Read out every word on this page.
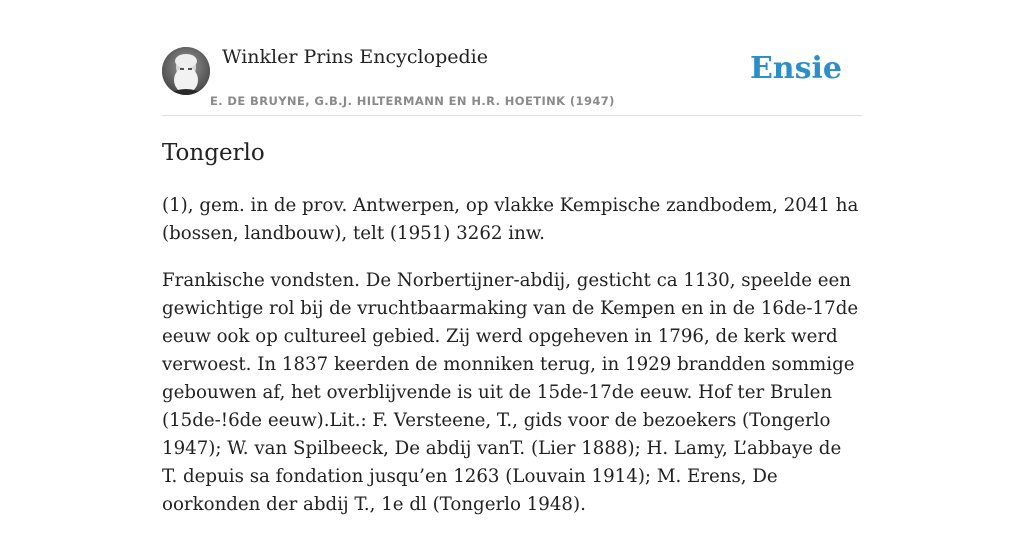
Winkler Prins Encyclopedie
E. DE BRUYNE, G.B.J. HILTERMANN EN H.R. HOETINK (1947)
Ensie
Tongerlo

(1), gem. in de prov. Antwerpen, op vlakke Kempische zandbodem, 2041 ha (bossen, landbouw), telt (1951) 3262 inw.

Frankische vondsten. De Norbertijner-abdij, gesticht ca 1130, speelde een gewichtige rol bij de vruchtbaarmaking van de Kempen en in de 16de-17de eeuw ook op cultureel gebied. Zij werd opgeheven in 1796, de kerk werd verwoest. In 1837 keerden de monniken terug, in 1929 brandden sommige gebouwen af, het overblijvende is uit de 15de-17de eeuw. Hof ter Brulen (15de-!6de eeuw).Lit.: F. Versteene, T., gids voor de bezoekers (Tongerlo 1947); W. van Spilbeeck, De abdij vanT. (Lier 1888); H. Lamy, L’abbaye de T. depuis sa fondation jusqu’en 1263 (Louvain 1914); M. Erens, De oorkonden der abdij T., 1e dl (Tongerlo 1948).
